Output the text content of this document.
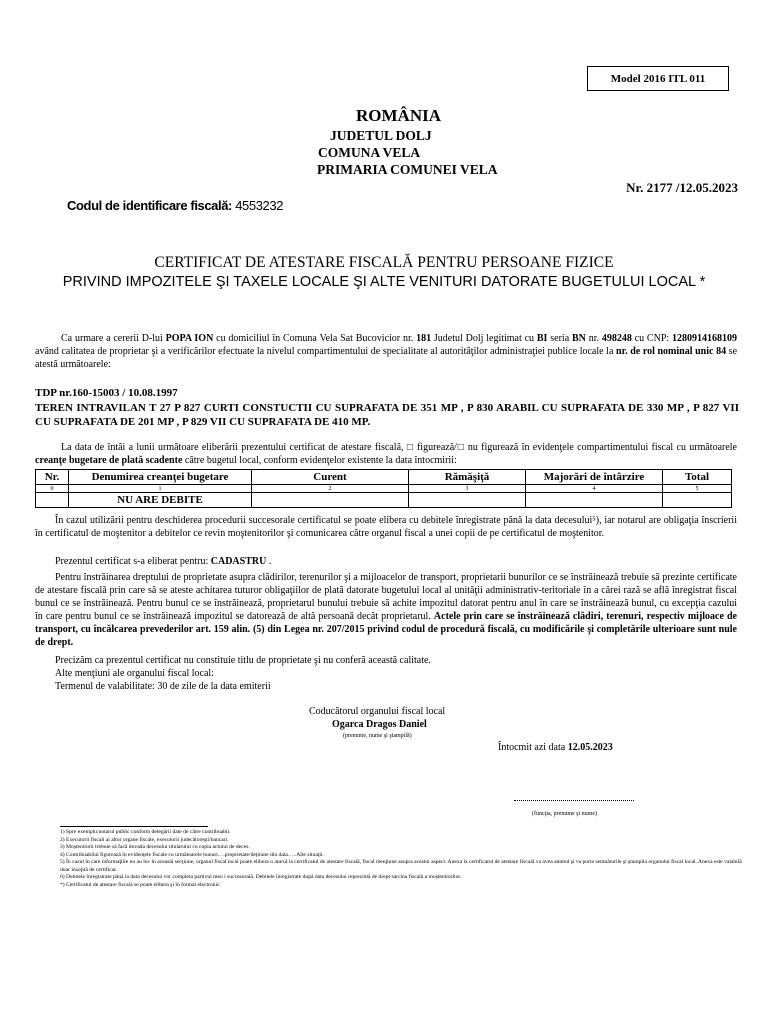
Model 2016 ITL 011
ROMÂNIA
JUDETUL DOLJ
COMUNA VELA
PRIMARIA COMUNEI VELA
Nr. 2177 /12.05.2023
Codul de identificare fiscală: 4553232
CERTIFICAT DE ATESTARE FISCALĂ PENTRU PERSOANE FIZICE
PRIVIND IMPOZITELE ŞI TAXELE LOCALE ŞI ALTE VENITURI DATORATE BUGETULUI LOCAL *
Ca urmare a cererii D-lui POPA ION cu domiciliul în Comuna Vela Sat Bucovicior nr. 181 Judetul Dolj legitimat cu BI seria BN nr. 498248 cu CNP: 1280914168109 având calitatea de proprietar şi a verificărilor efectuate la nivelul compartimentului de specialitate al autorităţilor administraţiei publice locale la nr. de rol nominal unic 84 se atestă următoarele:
TDP nr.160-15003 / 10.08.1997
TEREN INTRAVILAN T 27 P 827 CURTI CONSTUCTII CU SUPRAFATA DE 351 MP , P 830 ARABIL CU SUPRAFATA DE 330 MP , P 827 VII CU SUPRAFATA DE 201 MP , P 829 VII CU SUPRAFATA DE 410 MP.
La data de întâi a lunii următoare eliberării prezentului certificat de atestare fiscală, □ figurează/□ nu figurează în evidenţele compartimentului fiscal cu următoarele creanţe bugetare de plată scadente către bugetul local, conform evidenţelor existente la data întocmirii:
Nr.	Denumirea creanţei bugetare	Curent	Rămăşiţă	Majorări de întârzire	Total
0	1	2	3	4	5
	NU ARE DEBITE				
În cazul utilizării pentru deschiderea procedurii succesorale certificatul se poate elibera cu debitele înregistrate până la data decesului⁵), iar notarul are obligaţia înscrierii în certificatul de moştenitor a debitelor ce revin moştenitorilor şi comunicarea către organul fiscal a unei copii de pe certificatul de moştenitor.
Prezentul certificat s-a eliberat pentru: CADASTRU .
Pentru înstrăinarea dreptului de proprietate asupra clădirilor, terenurilor şi a mijloacelor de transport, proprietarii bunurilor ce se înstrăinează trebuie să prezinte certificate de atestare fiscală prin care să se ateste achitarea tuturor obligaţiilor de plată datorate bugetului local al unităţii administrativ-teritoriale în a cărei rază se află înregistrat fiscal bunul ce se înstrăinează. Pentru bunul ce se înstrăinează, proprietarul bunului trebuie să achite impozitul datorat pentru anul în care se înstrăinează bunul, cu excepţia cazului în care pentru bunul ce se înstrăinează impozitul se datorează de altă persoană decât proprietarul. Actele prin care se înstrăinează clădiri, terenuri, respectiv mijloace de transport, cu încălcarea prevederilor art. 159 alin. (5) din Legea nr. 207/2015 privind codul de procedură fiscală, cu modificările şi completările ulterioare sunt nule de drept.
Precizăm ca prezentul certificat nu constituie titlu de proprietate şi nu conferă această calitate.
Alte menţiuni ale organului fiscal local:
Termenul de valabilitate: 30 de zile de la data emiterii
Coducătorul organului fiscal local
Ogarca Dragos Daniel
(prenume, nume şi ştampilă)
Întocmit azi data 12.05.2023
(funcţia, prenume şi nume)
1) Spre exemplu:notarul public conform delegării date de către contribuabil.
2) Executorii fiscali ai altor organe fiscale, executorii judecătoreşti/bancari.
3) Moştenitorii trebuie să facă dovada decesului titularului cu copia actului de deces.
4) Contribuabilul figurează în evidenţele fiscale cu următoarele bunuri….proprietate/deţinute din data…..Alte situaţii.
5) În cazul în care informaţiile nu au loc în această secţiune, organul fiscal local poate elibera o anexă la certificatul de atestare fiscală, fiscal menţiune asupra acestui aspect. Anexa la certificatul de atestare fiscală va avea antetul şi va purta semnăturile şi ştampila organului fiscal local. Anexa este valabilă doar însoţită de certificat.
6) Debitele înregistrate până la data decesului vor completa partivul meu i succesorală. Debitele înregistrate după data decesului reprezintă de drept sarcina fiscală a moştenitorilor.
*) Certificatul de atestare fiscală se poate elibera şi în format electronic.
